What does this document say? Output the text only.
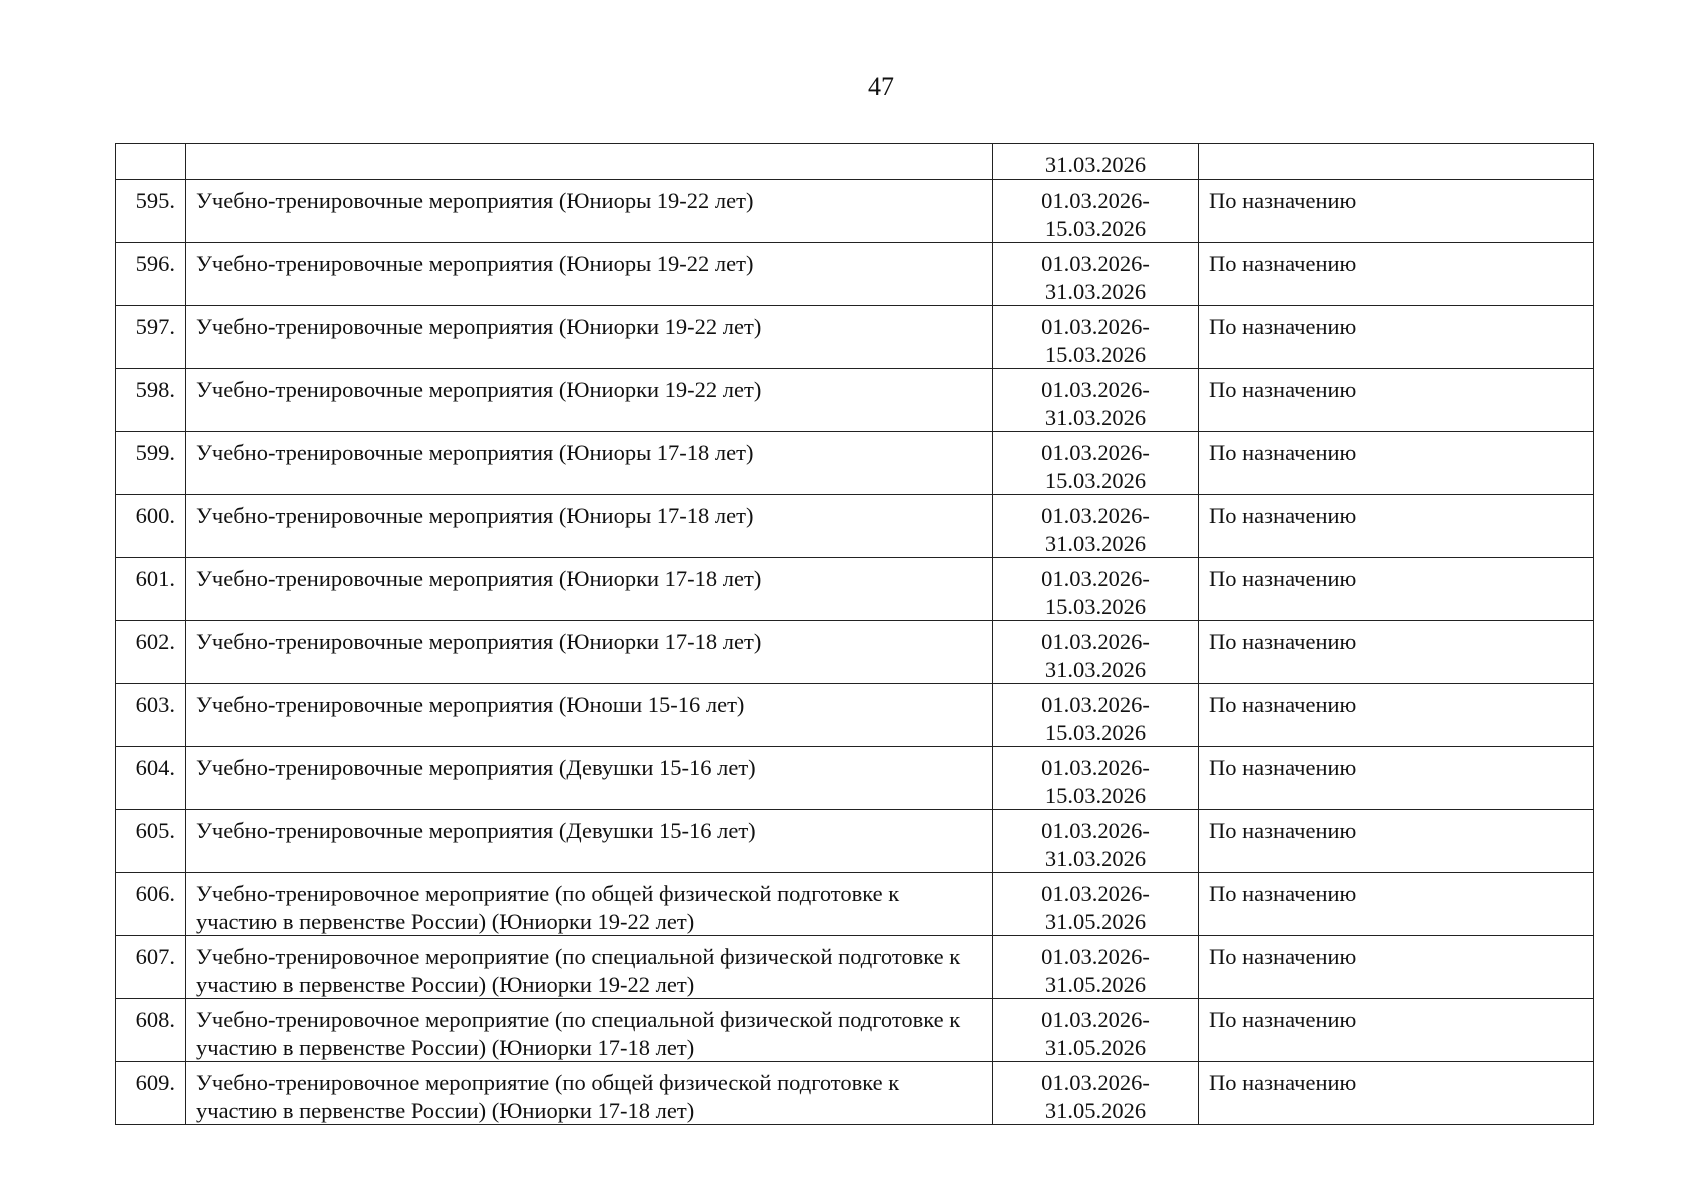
47

		31.03.2026	

595.	Учебно-тренировочные мероприятия (Юниоры 19-22 лет)	01.03.2026-
15.03.2026	По назначению
596.	Учебно-тренировочные мероприятия (Юниоры 19-22 лет)	01.03.2026-
31.03.2026	По назначению
597.	Учебно-тренировочные мероприятия (Юниорки 19-22 лет)	01.03.2026-
15.03.2026	По назначению
598.	Учебно-тренировочные мероприятия (Юниорки 19-22 лет)	01.03.2026-
31.03.2026	По назначению
599.	Учебно-тренировочные мероприятия (Юниоры 17-18 лет)	01.03.2026-
15.03.2026	По назначению
600.	Учебно-тренировочные мероприятия (Юниоры 17-18 лет)	01.03.2026-
31.03.2026	По назначению
601.	Учебно-тренировочные мероприятия (Юниорки 17-18 лет)	01.03.2026-
15.03.2026	По назначению
602.	Учебно-тренировочные мероприятия (Юниорки 17-18 лет)	01.03.2026-
31.03.2026	По назначению
603.	Учебно-тренировочные мероприятия (Юноши 15-16 лет)	01.03.2026-
15.03.2026	По назначению
604.	Учебно-тренировочные мероприятия (Девушки 15-16 лет)	01.03.2026-
15.03.2026	По назначению
605.	Учебно-тренировочные мероприятия (Девушки 15-16 лет)	01.03.2026-
31.03.2026	По назначению
606.	Учебно-тренировочное мероприятие (по общей физической подготовке к участию в первенстве России) (Юниорки 19-22 лет)	01.03.2026-
31.05.2026	По назначению
607.	Учебно-тренировочное мероприятие (по специальной физической подготовке к участию в первенстве России) (Юниорки 19-22 лет)	01.03.2026-
31.05.2026	По назначению
608.	Учебно-тренировочное мероприятие (по специальной физической подготовке к участию в первенстве России) (Юниорки 17-18 лет)	01.03.2026-
31.05.2026	По назначению
609.	Учебно-тренировочное мероприятие (по общей физической подготовке к участию в первенстве России) (Юниорки 17-18 лет)	01.03.2026-
31.05.2026	По назначению
